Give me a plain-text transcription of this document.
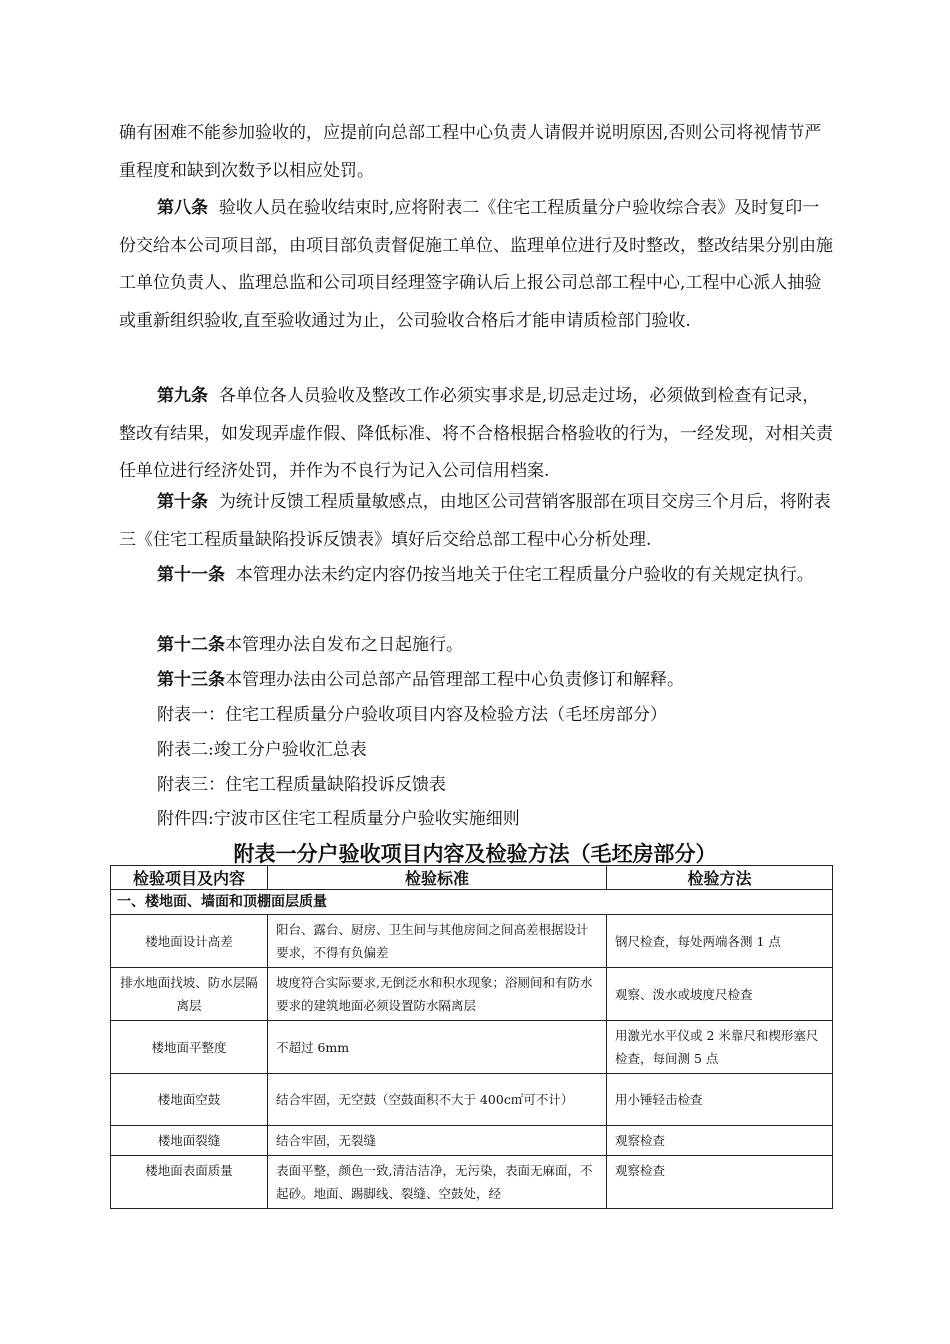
确有困难不能参加验收的，应提前向总部工程中心负责人请假并说明原因,否则公司将视情节严重程度和缺到次数予以相应处罚。

第八条 验收人员在验收结束时,应将附表二《住宅工程质量分户验收综合表》及时复印一份交给本公司项目部，由项目部负责督促施工单位、监理单位进行及时整改，整改结果分别由施工单位负责人、监理总监和公司项目经理签字确认后上报公司总部工程中心,工程中心派人抽验或重新组织验收,直至验收通过为止，公司验收合格后才能申请质检部门验收.

第九条 各单位各人员验收及整改工作必须实事求是,切忌走过场，必须做到检查有记录，整改有结果，如发现弄虚作假、降低标准、将不合格根据合格验收的行为，一经发现，对相关责任单位进行经济处罚，并作为不良行为记入公司信用档案.

第十条 为统计反馈工程质量敏感点，由地区公司营销客服部在项目交房三个月后，将附表三《住宅工程质量缺陷投诉反馈表》填好后交给总部工程中心分析处理.

第十一条 本管理办法未约定内容仍按当地关于住宅工程质量分户验收的有关规定执行。

第十二条本管理办法自发布之日起施行。

第十三条本管理办法由公司总部产品管理部工程中心负责修订和解释。

附表一：住宅工程质量分户验收项目内容及检验方法（毛坯房部分）

附表二:竣工分户验收汇总表

附表三：住宅工程质量缺陷投诉反馈表

附件四:宁波市区住宅工程质量分户验收实施细则

附表一分户验收项目内容及检验方法（毛坯房部分）

检验项目及内容	检验标准	检验方法
一、楼地面、墙面和顶棚面层质量		
楼地面设计高差	阳台、露台、厨房、卫生间与其他房间之间高差根据设计要求，不得有负偏差	钢尺检查，每处两端各测 1 点
排水地面找坡、防水层隔离层	坡度符合实际要求,无倒泛水和积水现象；浴厕间和有防水要求的建筑地面必须设置防水隔离层	观察、泼水或坡度尺检查
楼地面平整度	不超过 6mm	用激光水平仪或 2 米靠尺和楔形塞尺检查，每间测 5 点
楼地面空鼓	结合牢固，无空鼓（空鼓面积不大于 400c㎡可不计）	用小锤轻击检查
楼地面裂缝	结合牢固，无裂缝	观察检查
楼地面表面质量	表面平整，颜色一致,清洁洁净，无污染，表面无麻面，不起砂。地面、踢脚线、裂缝、空鼓处，经	观察检查
